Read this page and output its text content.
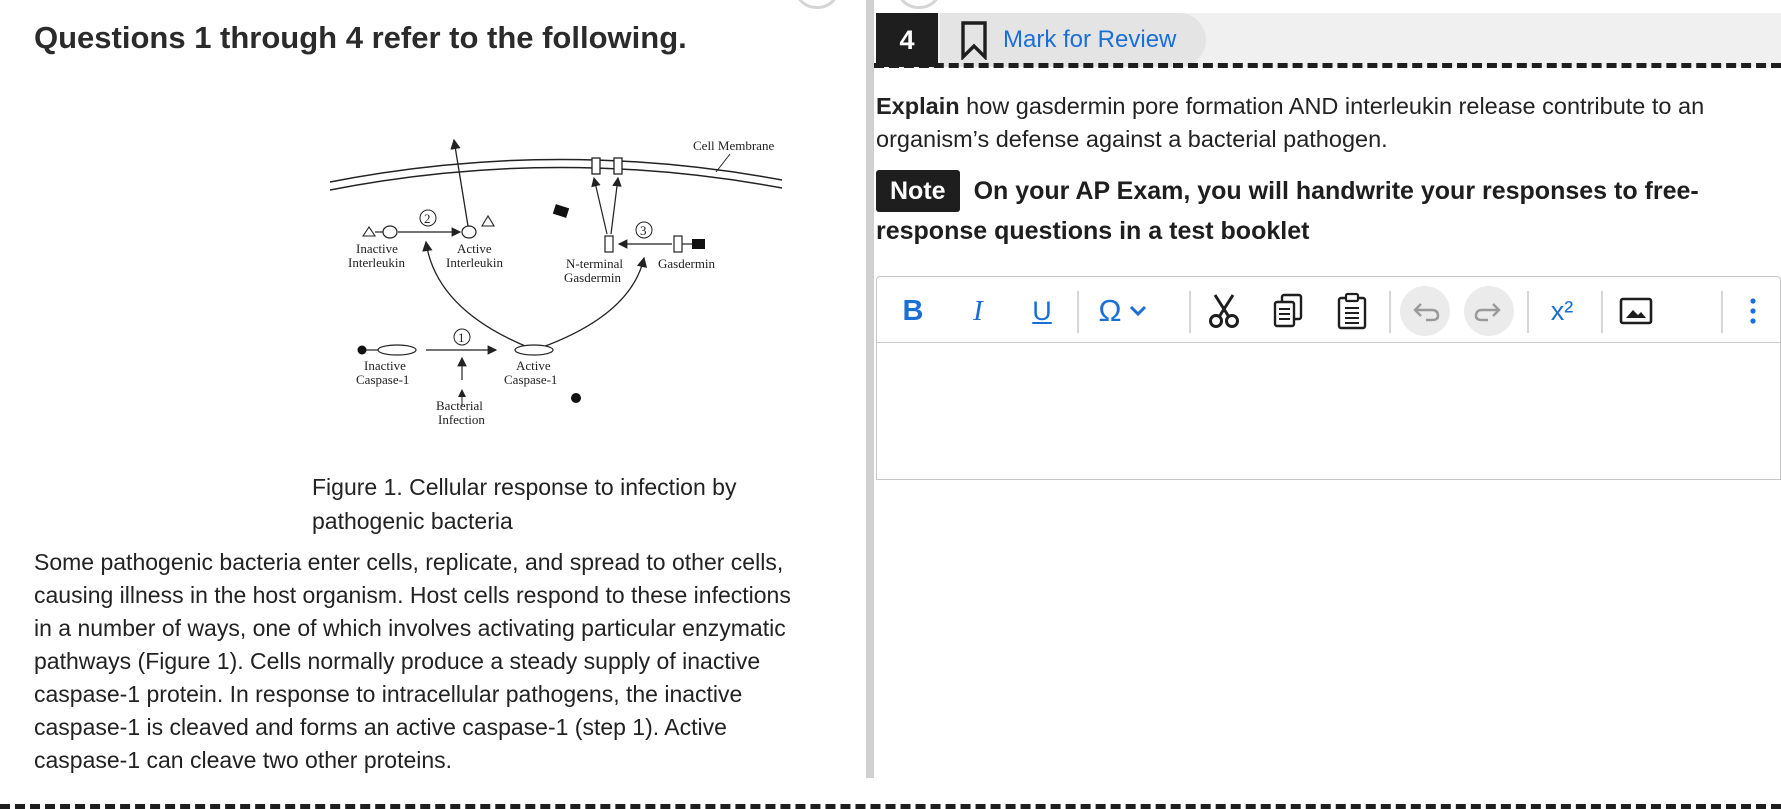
Questions 1 through 4 refer to the following.
Cell Membrane
2
Inactive
Interleukin
Active
Interleukin
3
N-terminal
Gasdermin
Gasdermin
1
Inactive
Caspase-1
Active
Caspase-1
Bacterial
Infection
Figure 1. Cellular response to infection by pathogenic bacteria
Some pathogenic bacteria enter cells, replicate, and spread to other cells, causing illness in the host organism. Host cells respond to these infections in a number of ways, one of which involves activating particular enzymatic pathways (Figure 1). Cells normally produce a steady supply of inactive caspase-1 protein. In response to intracellular pathogens, the inactive caspase-1 is cleaved and forms an active caspase-1 (step 1). Active caspase-1 can cleave two other proteins.
4	Mark for Review
Explain how gasdermin pore formation AND interleukin release contribute to an organism’s defense against a bacterial pathogen.
Note On your AP Exam, you will handwrite your responses to free-response questions in a test booklet
B I U Ω	x²
